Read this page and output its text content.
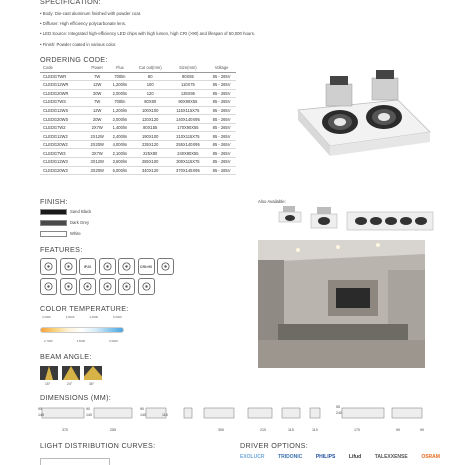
SPECIFICATION:
• Body: Die-cast aluminum finished with powder coat.
• Diffuser: High efficiency polycarbonate lens.
• LED Source: Integrated high-efficiency LED chips with high lumen, high CRI (>90) and lifespan of 50,000 hours.
• Finish: Powder coated in various color.
ORDERING CODE:
Code	Power	Flux	Cut out(mm)	Size(mm)	Voltage
CLEDG7WR	7W	700lm	80	90X55	85 - 265V
CLEDG12WR	12W	1,200lm	100	110X75	85 - 265V
CLEDG20WR	20W	2,000lm	120	135X95	85 - 265V
CLEDG7WS	7W	700lm	80X80	90X90X55	85 - 265V
CLEDG12WS	12W	1,200lm	100X100	115X115X75	85 - 265V
CLEDG20WS	20W	2,000lm	120X120	140X140X95	85 - 265V
CLEDG7W2	2X7W	1,400lm	80X155	170X90X55	85 - 265V
CLEDG12W2	2X12W	2,400lm	190X100	210X115X75	85 - 265V
CLEDG20W2	2X20W	4,000lm	235X120	255X140X95	85 - 265V
CLEDG7W3	3X7W	2,100lm	225X80	240X90X55	85 - 265V
CLEDG12W3	3X12W	3,600lm	285X100	300X115X75	85 - 265V
CLEDG20W3	3X20W	6,000lm	340X120	370X145X95	85 - 265V
FINISH:
Sand Black
Dark Grey
White
Also Available:
FEATURES:
IP20	CRI>90
COLOR TEMPERATURE:
3,200K	3,000K	4,000K	5,000K
2,700K	3,500K	6,500K
BEAM ANGLE:
DIMENSIONS (MM):
95
145
370
90
140
255
90
140	115
300	210	115	110
55
240
170	90	90
LIGHT DISTRIBUTION CURVES:	DRIVER OPTIONS:
EXOLUCR	TRIDONIC	PHILIPS	Lifud	TALEXXENSE	OSRAM
15°	24°	36°
